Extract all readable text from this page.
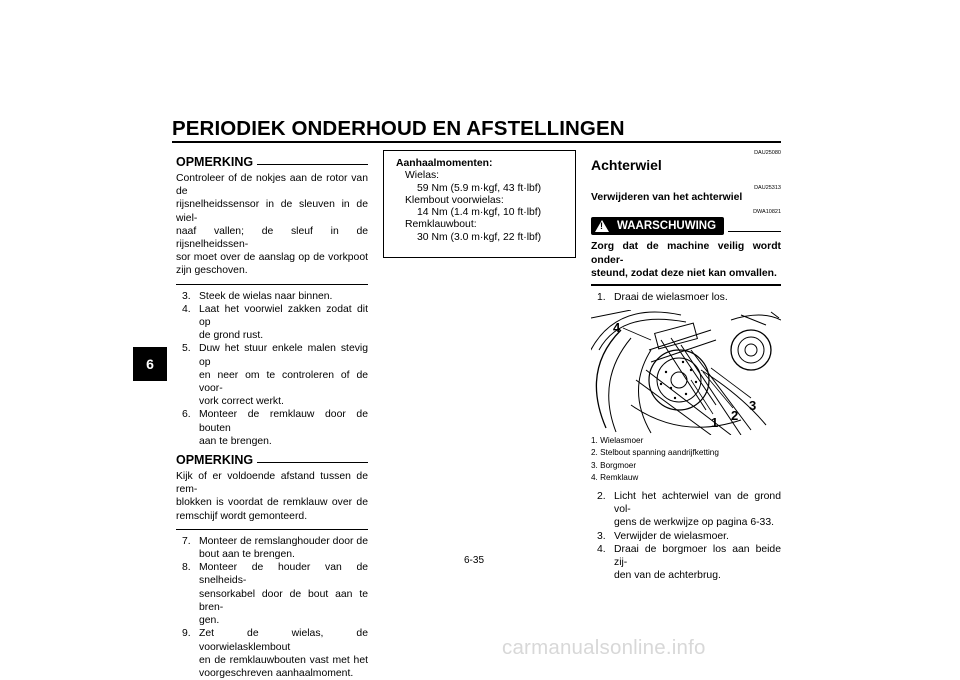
PERIODIEK ONDERHOUD EN AFSTELLINGEN
6
OPMERKING
Controleer of de nokjes aan de rotor van de
rijsnelheidssensor in de sleuven in de wiel-
naaf vallen; de sleuf in de rijsnelheidssen-
sor moet over de aanslag op de vorkpoot
zijn geschoven.
3. Steek de wielas naar binnen.
4. Laat het voorwiel zakken zodat dit op
de grond rust.
5. Duw het stuur enkele malen stevig op
en neer om te controleren of de voor-
vork correct werkt.
6. Monteer de remklauw door de bouten
aan te brengen.
OPMERKING
Kijk of er voldoende afstand tussen de rem-
blokken is voordat de remklauw over de
remschijf wordt gemonteerd.
7. Monteer de remslanghouder door de
bout aan te brengen.
8. Monteer de houder van de snelheids-
sensorkabel door de bout aan te bren-
gen.
9. Zet de wielas, de voorwielasklembout
en de remklauwbouten vast met het
voorgeschreven aanhaalmoment.
Aanhaalmomenten:
Wielas:
59 Nm (5.9 m·kgf, 43 ft·lbf)
Klembout voorwielas:
14 Nm (1.4 m·kgf, 10 ft·lbf)
Remklauwbout:
30 Nm (3.0 m·kgf, 22 ft·lbf)
DAU25080
Achterwiel
DAU25313
Verwijderen van het achterwiel
DWA10821
! WAARSCHUWING
Zorg dat de machine veilig wordt onder-
steund, zodat deze niet kan omvallen.
1. Draai de wielasmoer los.
4
1 2
3
1. Wielasmoer
2. Stelbout spanning aandrijfketting
3. Borgmoer
4. Remklauw
2. Licht het achterwiel van de grond vol-
gens de werkwijze op pagina 6-33.
3. Verwijder de wielasmoer.
4. Draai de borgmoer los aan beide zij-
den van de achterbrug.
6-35
carmanualsonline.info
